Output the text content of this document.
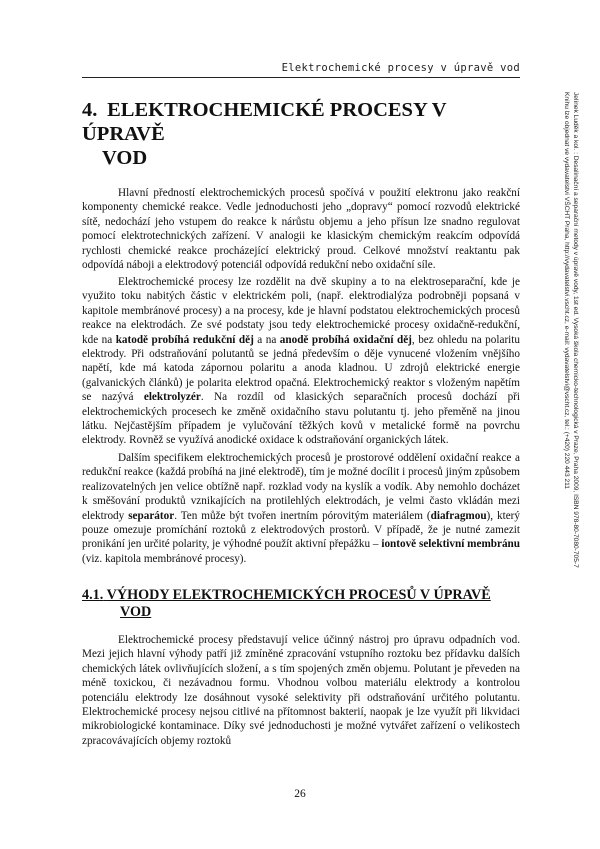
Elektrochemické procesy v úpravě vod
Jelínek Luděk a kol. : Desalinační a separační metody v úpravě vody, 1st ed. Vysoká škola chemicko-technologická v Praze, Praha 2009, ISBN 978-80-7080-705-7
Knihu lze objednat ve vydavatelství VŠCHT Praha, http://vydavatelstvi.vscht.cz, e-mail: vydavatelstvi@vscht.cz, tel.: (+420) 220 443 211
4. ELEKTROCHEMICKÉ PROCESY V ÚPRAVĚ
VOD

Hlavní předností elektrochemických procesů spočívá v použití elektronu jako reakční komponenty chemické reakce. Vedle jednoduchosti jeho „dopravy“ pomocí rozvodů elektrické sítě, nedochází jeho vstupem do reakce k nárůstu objemu a jeho přísun lze snadno regulovat pomocí elektrotechnických zařízení. V analogii ke klasickým chemickým reakcím odpovídá rychlosti chemické reakce procházející elektrický proud. Celkové množství reaktantu pak odpovídá náboji a elektrodový potenciál odpovídá redukční nebo oxidační síle.

Elektrochemické procesy lze rozdělit na dvě skupiny a to na elektroseparační, kde je využito toku nabitých částic v elektrickém poli, (např. elektrodialýza podrobněji popsaná v kapitole membránové procesy) a na procesy, kde je hlavní podstatou elektrochemických procesů reakce na elektrodách. Ze své podstaty jsou tedy elektrochemické procesy oxidačně-redukční, kde na katodě probíhá redukční děj a na anodě probíhá oxidační děj, bez ohledu na polaritu elektrody. Při odstraňování polutantů se jedná především o děje vynucené vložením vnějšího napětí, kde má katoda zápornou polaritu a anoda kladnou. U zdrojů elektrické energie (galvanických článků) je polarita elektrod opačná. Elektrochemický reaktor s vloženým napětím se nazývá elektrolyzér. Na rozdíl od klasických separačních procesů dochází při elektrochemických procesech ke změně oxidačního stavu polutantu tj. jeho přeměně na jinou látku. Nejčastějším případem je vylučování těžkých kovů v metalické formě na povrchu elektrody. Rovněž se využívá anodické oxidace k odstraňování organických látek.

Dalším specifikem elektrochemických procesů je prostorové oddělení oxidační reakce a redukční reakce (každá probíhá na jiné elektrodě), tím je možné docílit i procesů jiným způsobem realizovatelných jen velice obtížně např. rozklad vody na kyslík a vodík. Aby nemohlo docházet k směšování produktů vznikajících na protilehlých elektrodách, je velmi často vkládán mezi elektrody separátor. Ten může být tvořen inertním pórovitým materiálem (diafragmou), který pouze omezuje promíchání roztoků z elektrodových prostorů. V případě, že je nutné zamezit pronikání jen určité polarity, je výhodné použít aktivní přepážku – iontově selektivní membránu (viz. kapitola membránové procesy).

4.1. VÝHODY ELEKTROCHEMICKÝCH PROCESŮ V ÚPRAVĚ
VOD

Elektrochemické procesy představují velice účinný nástroj pro úpravu odpadních vod. Mezi jejich hlavní výhody patří již zmíněné zpracování vstupního roztoku bez přídavku dalších chemických látek ovlivňujících složení, a s tím spojených změn objemu. Polutant je převeden na méně toxickou, či nezávadnou formu. Vhodnou volbou materiálu elektrody a kontrolou potenciálu elektrody lze dosáhnout vysoké selektivity při odstraňování určitého polutantu. Elektrochemické procesy nejsou citlivé na přítomnost bakterií, naopak je lze využít při likvidaci mikrobiologické kontaminace. Díky své jednoduchosti je možné vytvářet zařízení o velikostech zpracovávajících objemy roztoků

26
